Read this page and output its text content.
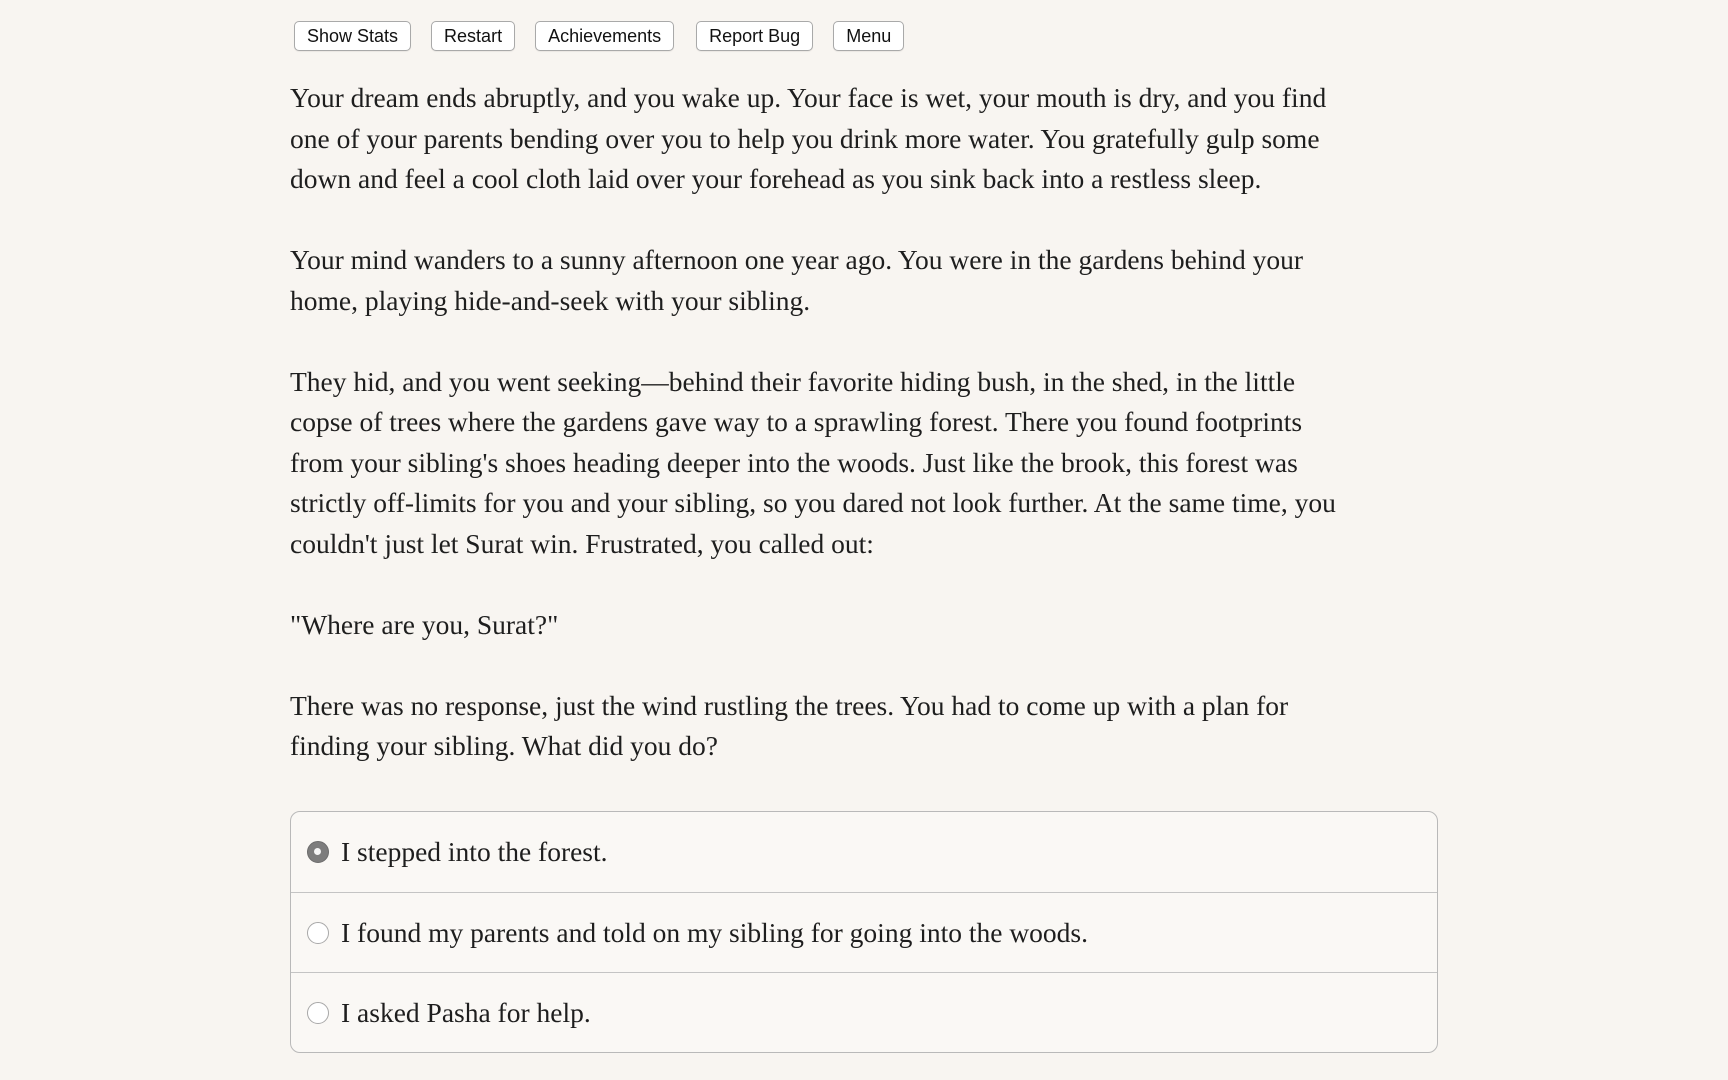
Show Stats	Restart	Achievements	Report Bug	Menu

Your dream ends abruptly, and you wake up. Your face is wet, your mouth is dry, and you find
one of your parents bending over you to help you drink more water. You gratefully gulp some
down and feel a cool cloth laid over your forehead as you sink back into a restless sleep.

Your mind wanders to a sunny afternoon one year ago. You were in the gardens behind your
home, playing hide-and-seek with your sibling.

They hid, and you went seeking—behind their favorite hiding bush, in the shed, in the little
copse of trees where the gardens gave way to a sprawling forest. There you found footprints
from your sibling's shoes heading deeper into the woods. Just like the brook, this forest was
strictly off-limits for you and your sibling, so you dared not look further. At the same time, you
couldn't just let Surat win. Frustrated, you called out:

"Where are you, Surat?"

There was no response, just the wind rustling the trees. You had to come up with a plan for
finding your sibling. What did you do?

I stepped into the forest.
I found my parents and told on my sibling for going into the woods.
I asked Pasha for help.
